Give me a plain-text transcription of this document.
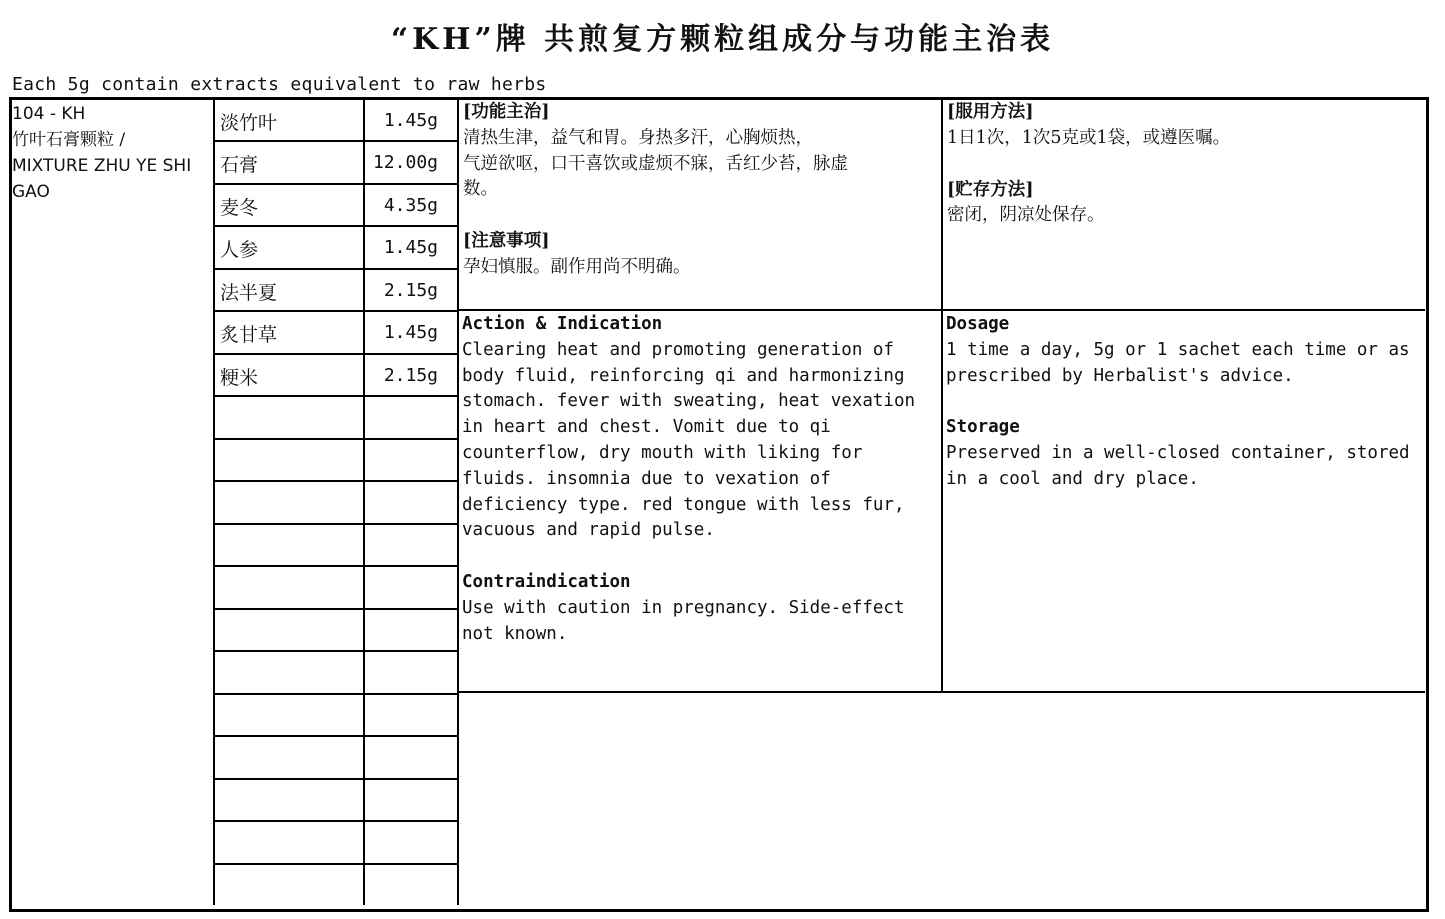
“KH”牌 共煎复方颗粒组成分与功能主治表
Each 5g contain extracts equivalent to raw herbs
104 - KH
竹叶石膏颗粒 /
MIXTURE ZHU YE SHI
GAO
淡竹叶	1.45g
石膏	12.00g
麦冬	4.35g
人参	1.45g
法半夏	2.15g
炙甘草	1.45g
粳米	2.15g
[功能主治]
清热生津，益气和胃。身热多汗，心胸烦热，
气逆欲呕，口干喜饮或虚烦不寐，舌红少苔，脉虚
数。
[注意事项]
孕妇慎服。副作用尚不明确。
[服用方法]
1日1次，1次5克或1袋，或遵医嘱。
[贮存方法]
密闭，阴凉处保存。
Action & Indication
Clearing heat and promoting generation of
body fluid, reinforcing qi and harmonizing
stomach. fever with sweating, heat vexation
in heart and chest. Vomit due to qi
counterflow, dry mouth with liking for
fluids. insomnia due to vexation of
deficiency type. red tongue with less fur,
vacuous and rapid pulse.
Contraindication
Use with caution in pregnancy. Side-effect
not known.
Dosage
1 time a day, 5g or 1 sachet each time or as
prescribed by Herbalist's advice.
Storage
Preserved in a well-closed container, stored
in a cool and dry place.
